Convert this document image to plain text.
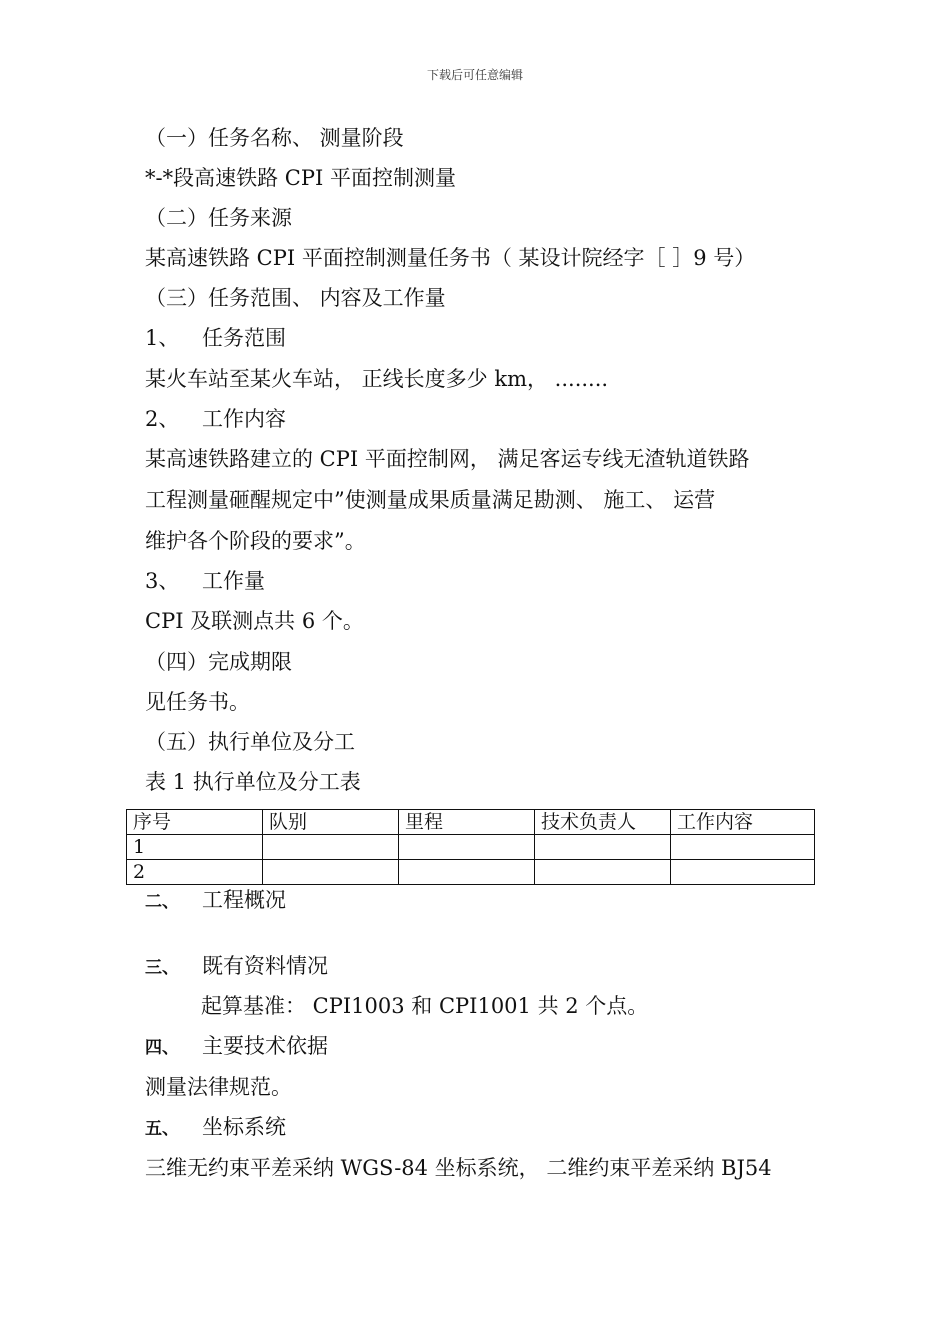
下载后可任意编辑
（一）任务名称、 测量阶段
*-*段高速铁路 CPI 平面控制测量
（二）任务来源
某高速铁路 CPI 平面控制测量任务书（ 某设计院经字［ ］9 号）
（三）任务范围、 内容及工作量
1、 任务范围
某火车站至某火车站， 正线长度多少 km， ........
2、 工作内容
某高速铁路建立的 CPI 平面控制网， 满足客运专线无渣轨道铁路
工程测量砸醒规定中”使测量成果质量满足勘测、 施工、 运营
维护各个阶段的要求”。
3、 工作量
CPI 及联测点共 6 个。
（四）完成期限
见任务书。
（五）执行单位及分工
表 1 执行单位及分工表
序号	队别	里程	技术负责人	工作内容
1				
2				
二、 工程概况
三、 既有资料情况
起算基准： CPI1003 和 CPI1001 共 2 个点。
四、 主要技术依据
测量法律规范。
五、 坐标系统
三维无约束平差采纳 WGS-84 坐标系统， 二维约束平差采纳 BJ54
